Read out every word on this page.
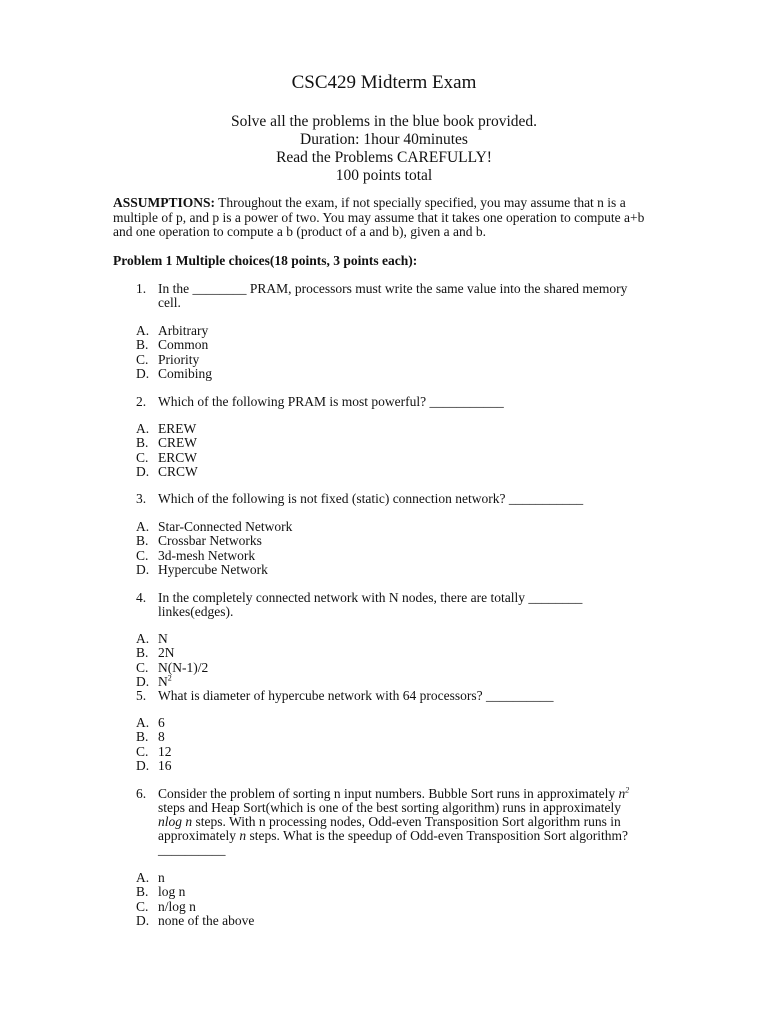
CSC429 Midterm Exam
Solve all the problems in the blue book provided.
Duration: 1hour 40minutes
Read the Problems CAREFULLY!
100 points total
ASSUMPTIONS: Throughout the exam, if not specially specified, you may assume that n is a multiple of p, and p is a power of two. You may assume that it takes one operation to compute a+b and one operation to compute a b (product of a and b), given a and b.
Problem 1 Multiple choices(18 points, 3 points each):
1. In the ________ PRAM, processors must write the same value into the shared memory cell.
A. Arbitrary
B. Common
C. Priority
D. Comibing
2. Which of the following PRAM is most powerful? ___________
A. EREW
B. CREW
C. ERCW
D. CRCW
3. Which of the following is not fixed (static) connection network? ___________
A. Star-Connected Network
B. Crossbar Networks
C. 3d-mesh Network
D. Hypercube Network
4. In the completely connected network with N nodes, there are totally ________ linkes(edges).
A. N
B. 2N
C. N(N-1)/2
D. $N^2$
5. What is diameter of hypercube network with 64 processors? __________
A. 6
B. 8
C. 12
D. 16
6. Consider the problem of sorting n input numbers. Bubble Sort runs in approximately $n^2$ steps and Heap Sort(which is one of the best sorting algorithm) runs in approximately nlog n steps. With n processing nodes, Odd-even Transposition Sort algorithm runs in approximately n steps. What is the speedup of Odd-even Transposition Sort algorithm? __________
A. n
B. log n
C. n/log n
D. none of the above
